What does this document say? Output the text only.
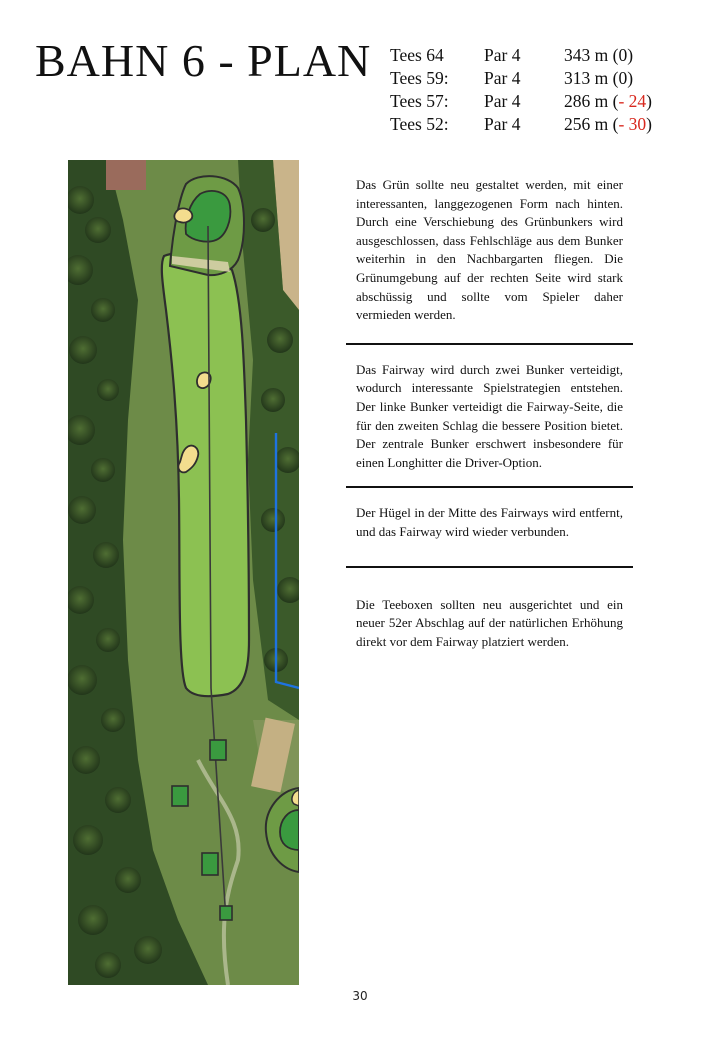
BAHN 6 - PLAN Tees 64	Par 4	343 m (0)
Tees 59:	Par 4	313 m (0)
Tees 57:	Par 4	286 m (- 24)
Tees 52:	Par 4	256 m (- 30)
Das Grün sollte neu gestaltet werden, mit einer interessanten, langgezogenen Form nach hinten. Durch eine Verschiebung des Grünbunkers wird ausgeschlossen, dass Fehlschläge aus dem Bunker weiterhin in den Nachbargarten fliegen. Die Grünumgebung auf der rechten Seite wird stark abschüssig und sollte vom Spieler daher vermieden werden.
Das Fairway wird durch zwei Bunker verteidigt, wodurch interessante Spielstrategien entstehen. Der linke Bunker verteidigt die Fairway-Seite, die für den zweiten Schlag die bessere Position bietet. Der zentrale Bunker erschwert insbesondere für einen Longhitter die Driver-Option.
Der Hügel in der Mitte des Fairways wird entfernt, und das Fairway wird wieder verbunden.
Die Teeboxen sollten neu ausgerichtet und ein neuer 52er Abschlag auf der natürlichen Erhöhung direkt vor dem Fairway platziert werden.
30
